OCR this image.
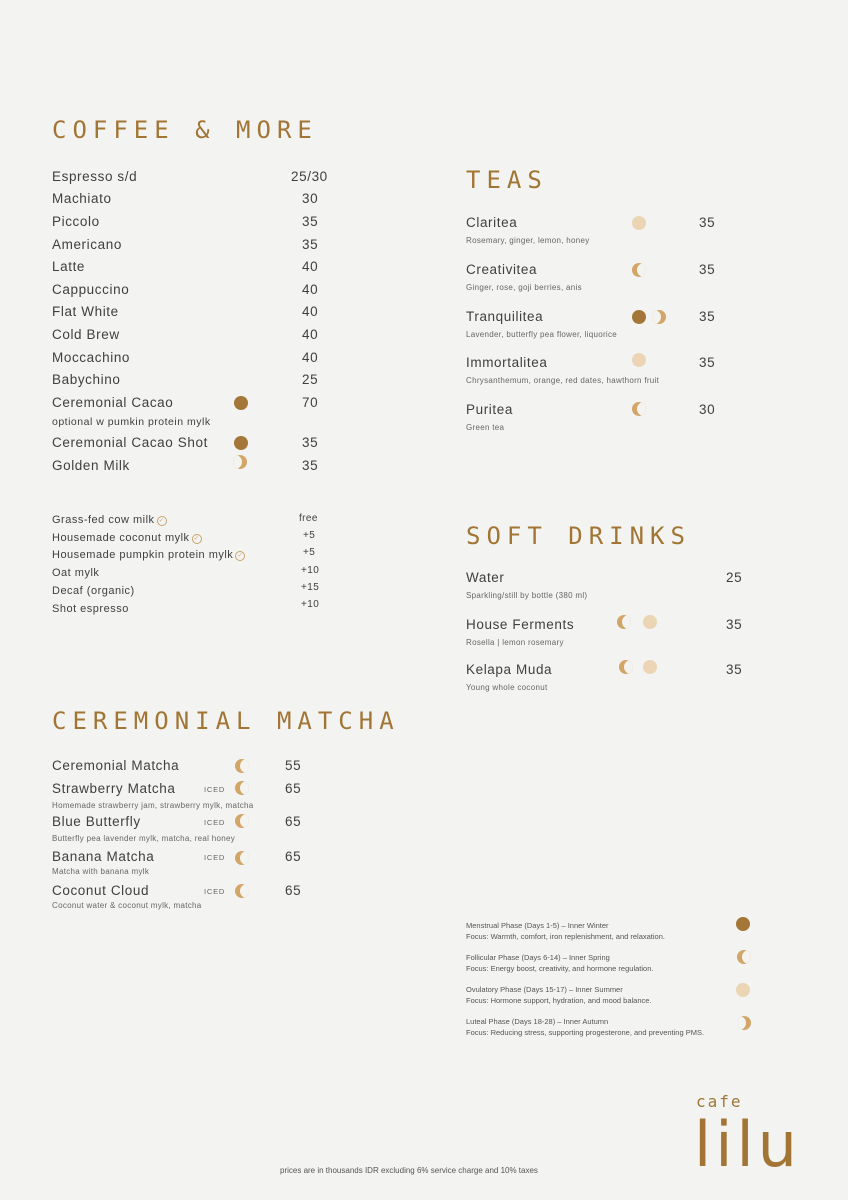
COFFEE & MORE
Espresso s/d	25/30
Machiato	30
Piccolo	35
Americano	35
Latte	40
Cappuccino	40
Flat White	40
Cold Brew	40
Moccachino	40
Babychino	25
Ceremonial Cacao	70
optional w pumkin protein mylk
Ceremonial Cacao Shot	35
Golden Milk	35
Grass-fed cow milk ✓	free
Housemade coconut mylk ✓	+5
Housemade pumpkin protein mylk ✓	+5
Oat mylk	+10
Decaf (organic)	+15
Shot espresso	+10
CEREMONIAL MATCHA
Ceremonial Matcha	55
Strawberry Matcha	ICED	65
Homemade strawberry jam, strawberry mylk, matcha
Blue Butterfly	ICED	65
Butterfly pea lavender mylk, matcha, real honey
Banana Matcha	ICED	65
Matcha with banana mylk
Coconut Cloud	ICED	65
Coconut water & coconut mylk, matcha
TEAS
Claritea	35
Rosemary, ginger, lemon, honey
Creativitea	35
Ginger, rose, goji berries, anis
Tranquilitea	35
Lavender, butterfly pea flower, liquorice
Immortalitea	35
Chrysanthemum, orange, red dates, hawthorn fruit
Puritea	30
Green tea
SOFT DRINKS
Water	25
Sparkling/still by bottle (380 ml)
House Ferments	35
Rosella | lemon rosemary
Kelapa Muda	35
Young whole coconut
Menstrual Phase (Days 1-5) – Inner Winter
Focus: Warmth, comfort, iron replenishment, and relaxation.
Follicular Phase (Days 6-14) – Inner Spring
Focus: Energy boost, creativity, and hormone regulation.
Ovulatory Phase (Days 15-17) – Inner Summer
Focus: Hormone support, hydration, and mood balance.
Luteal Phase (Days 18-28) – Inner Autumn
Focus: Reducing stress, supporting progesterone, and preventing PMS.
cafe
lilu
prices are in thousands IDR excluding 6% service charge and 10% taxes
